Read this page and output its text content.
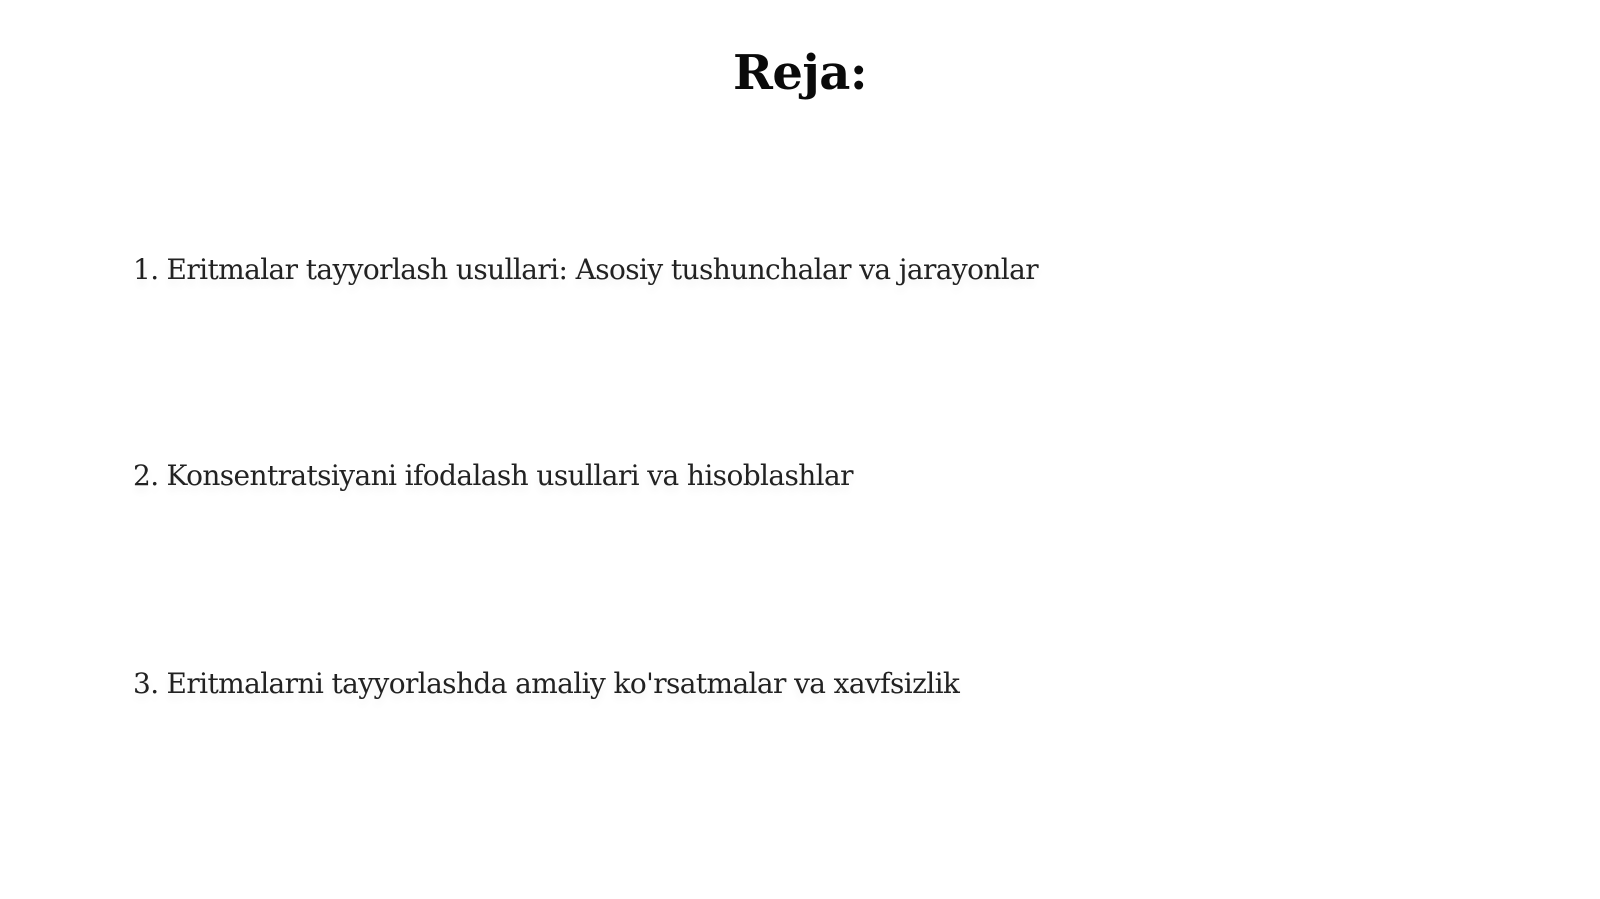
Reja:
1. Eritmalar tayyorlash usullari: Asosiy tushunchalar va jarayonlar
2. Konsentratsiyani ifodalash usullari va hisoblashlar
3. Eritmalarni tayyorlashda amaliy ko'rsatmalar va xavfsizlik
